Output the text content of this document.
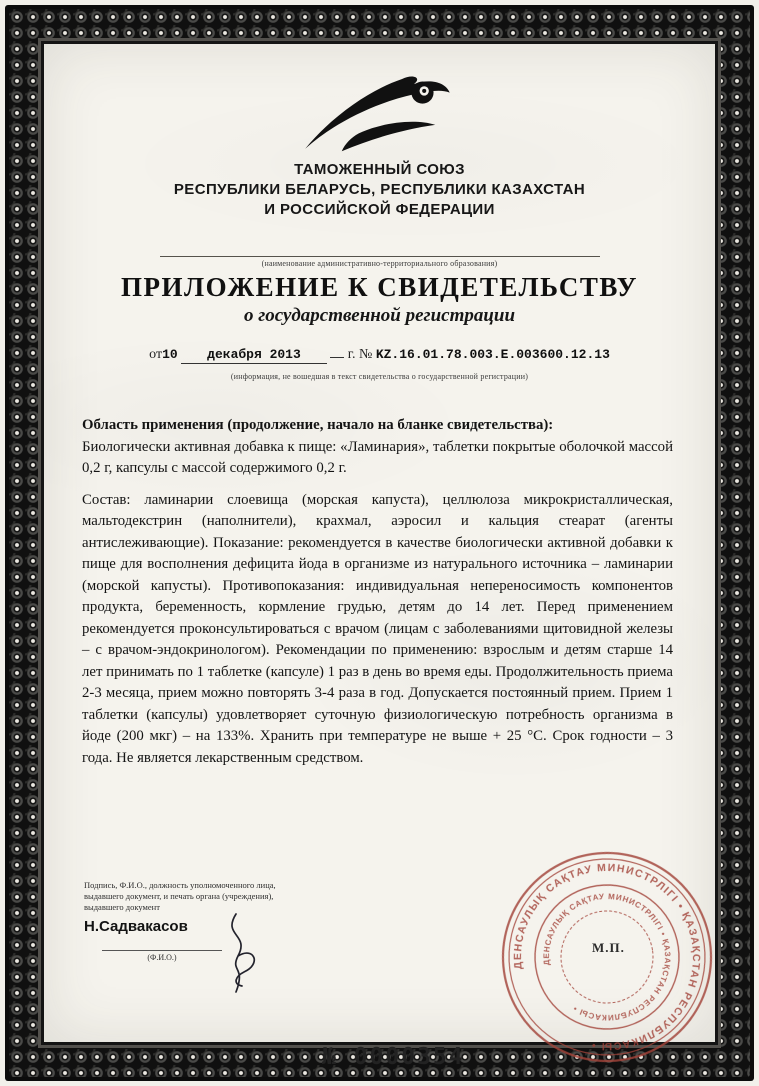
ТАМОЖЕННЫЙ СОЮЗ
РЕСПУБЛИКИ БЕЛАРУСЬ, РЕСПУБЛИКИ КАЗАХСТАН
И РОССИЙСКОЙ ФЕДЕРАЦИИ
(наименование административно-территориального образования)
ПРИЛОЖЕНИЕ К СВИДЕТЕЛЬСТВУ
о государственной регистрации
от10 декабря 2013	г. № KZ.16.01.78.003.Е.003600.12.13
(информация, не вошедшая в текст свидетельства о государственной регистрации)
Область применения (продолжение, начало на бланке свидетельства):
Биологически активная добавка к пище: «Ламинария», таблетки покрытые оболочкой массой 0,2 г, капсулы с массой содержимого 0,2 г.
Состав: ламинарии слоевища (морская капуста), целлюлоза микрокристаллическая, мальтодекстрин (наполнители), крахмал, аэросил и кальция стеарат (агенты антислеживающие). Показание: рекомендуется в качестве биологически активной добавки к пище для восполнения дефицита йода в организме из натурального источника – ламинарии (морской капусты). Противопоказания: индивидуальная непереносимость компонентов продукта, беременность, кормление грудью, детям до 14 лет. Перед применением рекомендуется проконсультироваться с врачом (лицам с заболеваниями щитовидной железы – с врачом-эндокринологом). Рекомендации по применению: взрослым и детям старше 14 лет принимать по 1 таблетке (капсуле) 1 раз в день во время еды. Продолжительность приема 2-3 месяца, прием можно повторять 3-4 раза в год. Допускается постоянный прием. Прием 1 таблетки (капсулы) удовлетворяет суточную физиологическую потребность организма в йоде (200 мкг) – на 133%. Хранить при температуре не выше + 25 °С. Срок годности – 3 года. Не является лекарственным средством.
Подпись, Ф.И.О., должность уполномоченного лица,
выдавшего документ, и печать органа (учреждения),
выдавшего документ
Н.Садвакасов
(Ф.И.О.)
ДЕНСАУЛЫҚ САҚТАУ МИНИСТРЛІГІ • ҚАЗАҚСТАН РЕСПУБЛИКАСЫ •
ДЕНСАУЛЫҚ САҚТАУ МИНИСТРЛІГІ • ҚАЗАҚСТАН РЕСПУБЛИКАСЫ •
М.П.
№ 0000354
